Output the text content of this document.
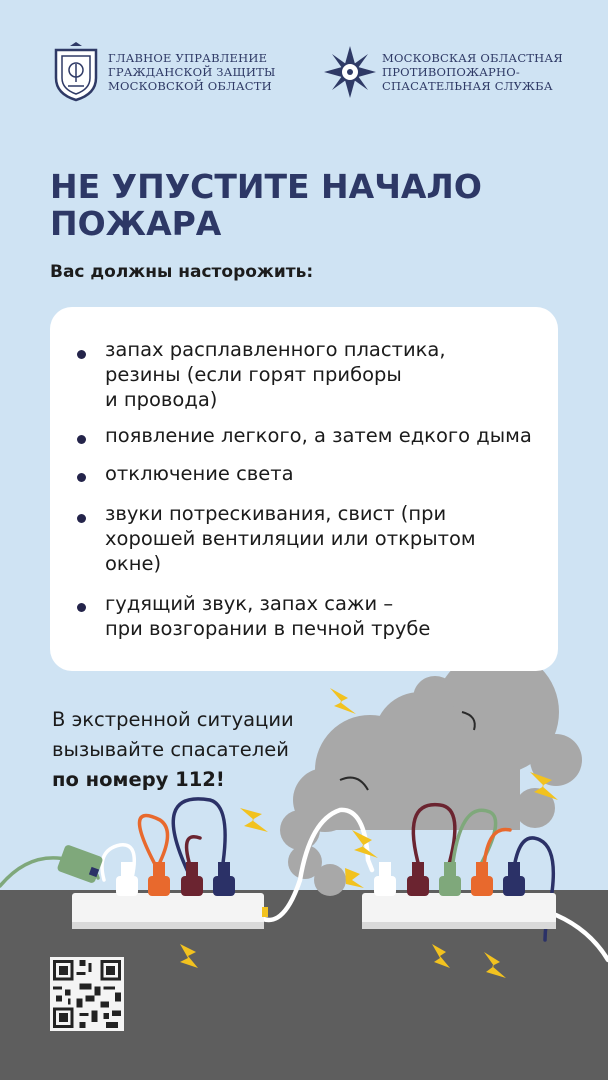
ГЛАВНОЕ УПРАВЛЕНИЕ
ГРАЖДАНСКОЙ ЗАЩИТЫ
МОСКОВСКОЙ ОБЛАСТИ
МОСКОВСКАЯ ОБЛАСТНАЯ
ПРОТИВОПОЖАРНО-
СПАСАТЕЛЬНАЯ СЛУЖБА
НЕ УПУСТИТЕ НАЧАЛО
ПОЖАРА
Вас должны насторожить:
запах расплавленного пластика,
резины (если горят приборы
и провода)
появление легкого, а затем едкого дыма
отключение света
звуки потрескивания, свист (при
хорошей вентиляции или открытом
окне)
гудящий звук, запах сажи –
при возгорании в печной трубе
В экстренной ситуации
вызывайте спасателей
по номеру 112!
